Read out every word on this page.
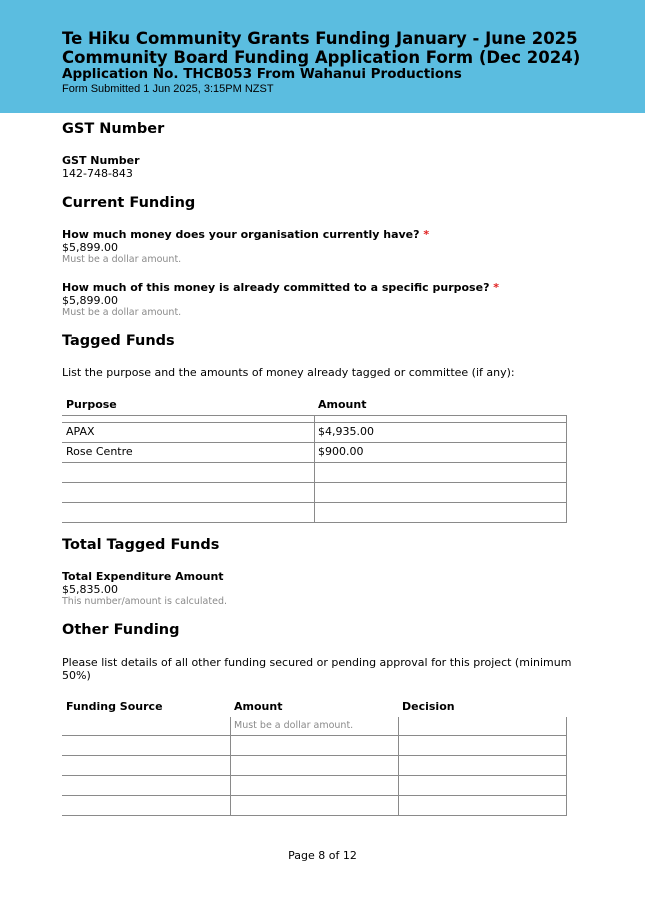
Te Hiku Community Grants Funding January - June 2025
Community Board Funding Application Form (Dec 2024)
Application No. THCB053 From Wahanui Productions
Form Submitted 1 Jun 2025, 3:15PM NZST
GST Number
GST Number
142-748-843
Current Funding
How much money does your organisation currently have? *
$5,899.00
Must be a dollar amount.
How much of this money is already committed to a specific purpose? *
$5,899.00
Must be a dollar amount.
Tagged Funds
List the purpose and the amounts of money already tagged or committee (if any):
Purpose	Amount
APAX	$4,935.00
Rose Centre	$900.00
Total Tagged Funds
Total Expenditure Amount
$5,835.00
This number/amount is calculated.
Other Funding
Please list details of all other funding secured or pending approval for this project (minimum 50%)
Funding Source	Amount	Decision
Must be a dollar amount.
Page 8 of 12
